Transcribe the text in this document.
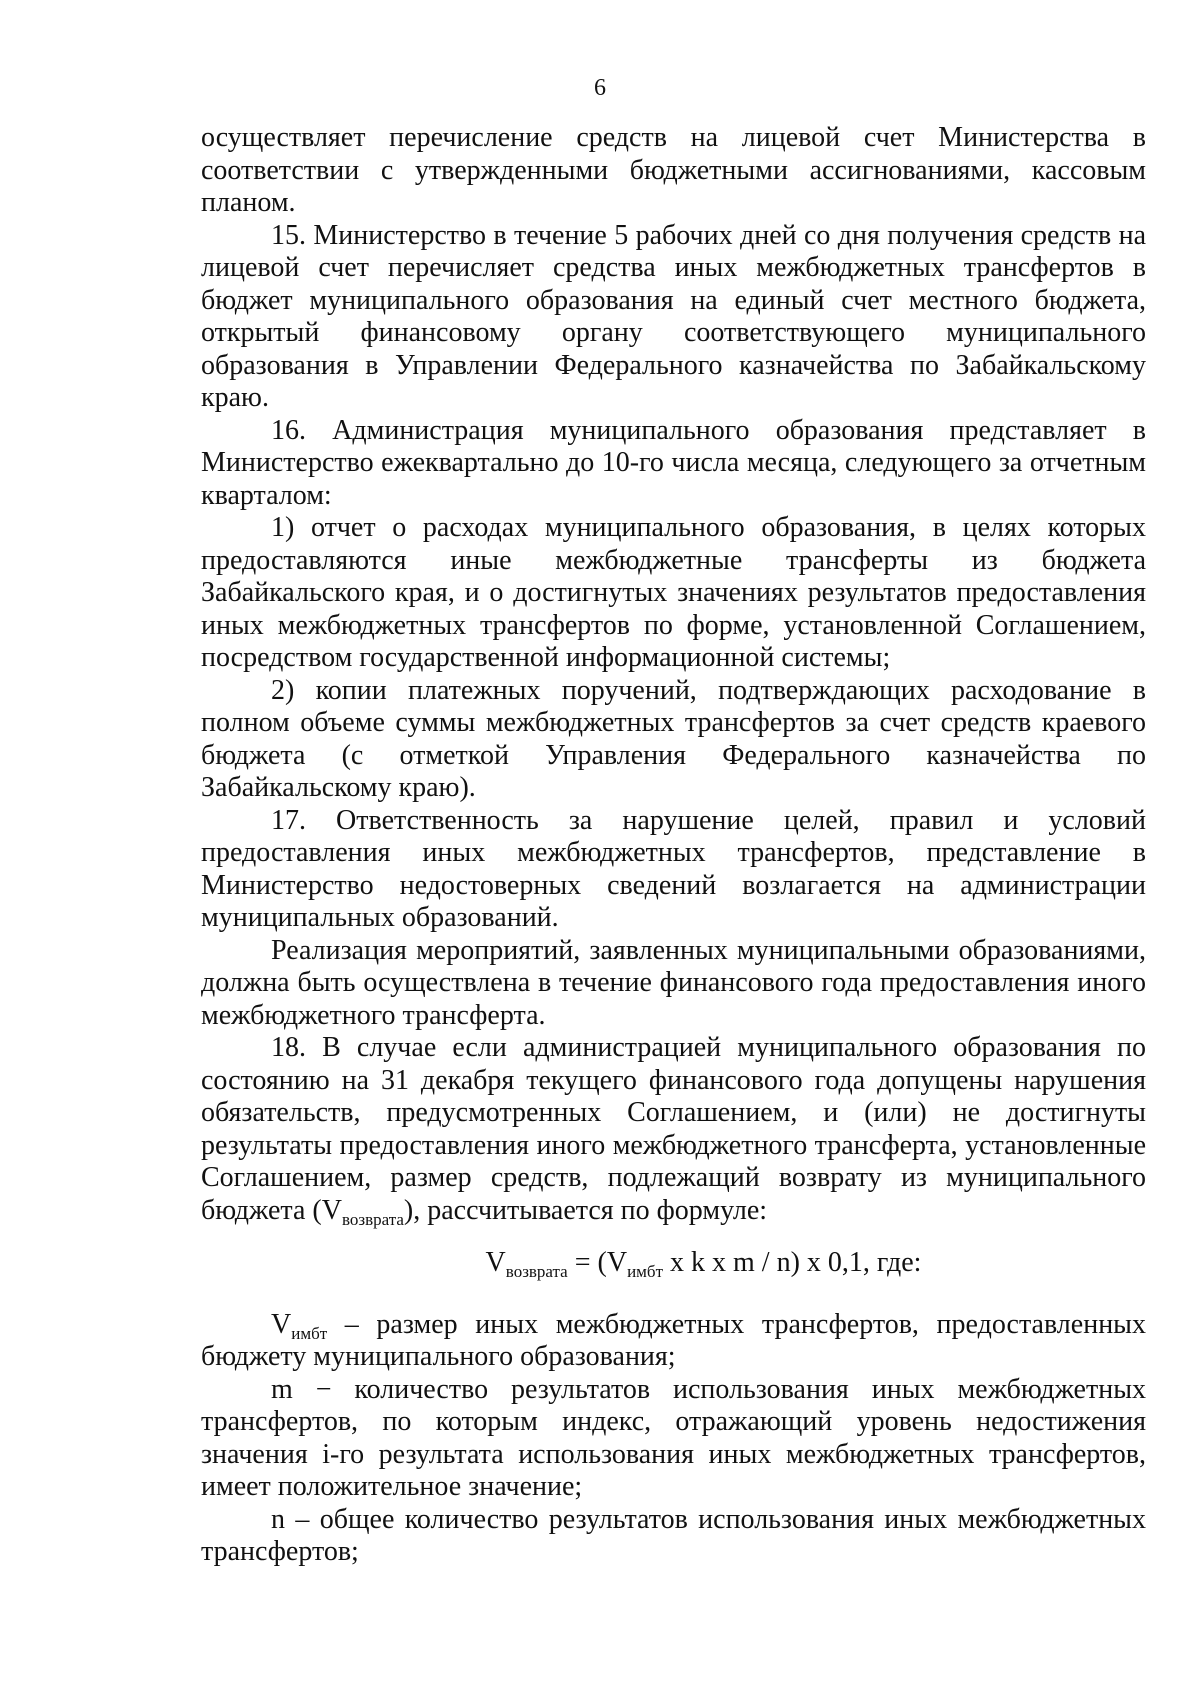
6

осуществляет перечисление средств на лицевой счет Министерства в соответствии с утвержденными бюджетными ассигнованиями, кассовым планом.

15. Министерство в течение 5 рабочих дней со дня получения средств на лицевой счет перечисляет средства иных межбюджетных трансфертов в бюджет муниципального образования на единый счет местного бюджета, открытый финансовому органу соответствующего муниципального образования в Управлении Федерального казначейства по Забайкальскому краю.

16. Администрация муниципального образования представляет в Министерство ежеквартально до 10-го числа месяца, следующего за отчетным кварталом:

1) отчет о расходах муниципального образования, в целях которых предоставляются иные межбюджетные трансферты из бюджета Забайкальского края, и о достигнутых значениях результатов предоставления иных межбюджетных трансфертов по форме, установленной Соглашением, посредством государственной информационной системы;

2) копии платежных поручений, подтверждающих расходование в полном объеме суммы межбюджетных трансфертов за счет средств краевого бюджета (с отметкой Управления Федерального казначейства по Забайкальскому краю).

17. Ответственность за нарушение целей, правил и условий предоставления иных межбюджетных трансфертов, представление в Министерство недостоверных сведений возлагается на администрации муниципальных образований.

Реализация мероприятий, заявленных муниципальными образованиями, должна быть осуществлена в течение финансового года предоставления иного межбюджетного трансферта.

18. В случае если администрацией муниципального образования по состоянию на 31 декабря текущего финансового года допущены нарушения обязательств, предусмотренных Соглашением, и (или) не достигнуты результаты предоставления иного межбюджетного трансферта, установленные Соглашением, размер средств, подлежащий возврату из муниципального бюджета $(V_{возврата})$, рассчитывается по формуле:

$V_{возврата} = (V_{имбт}$ x k x m / n) x 0,1, где:

$V_{имбт}$ – размер иных межбюджетных трансфертов, предоставленных бюджету муниципального образования;

m − количество результатов использования иных межбюджетных трансфертов, по которым индекс, отражающий уровень недостижения значения i-го результата использования иных межбюджетных трансфертов, имеет положительное значение;

n – общее количество результатов использования иных межбюджетных трансфертов;
